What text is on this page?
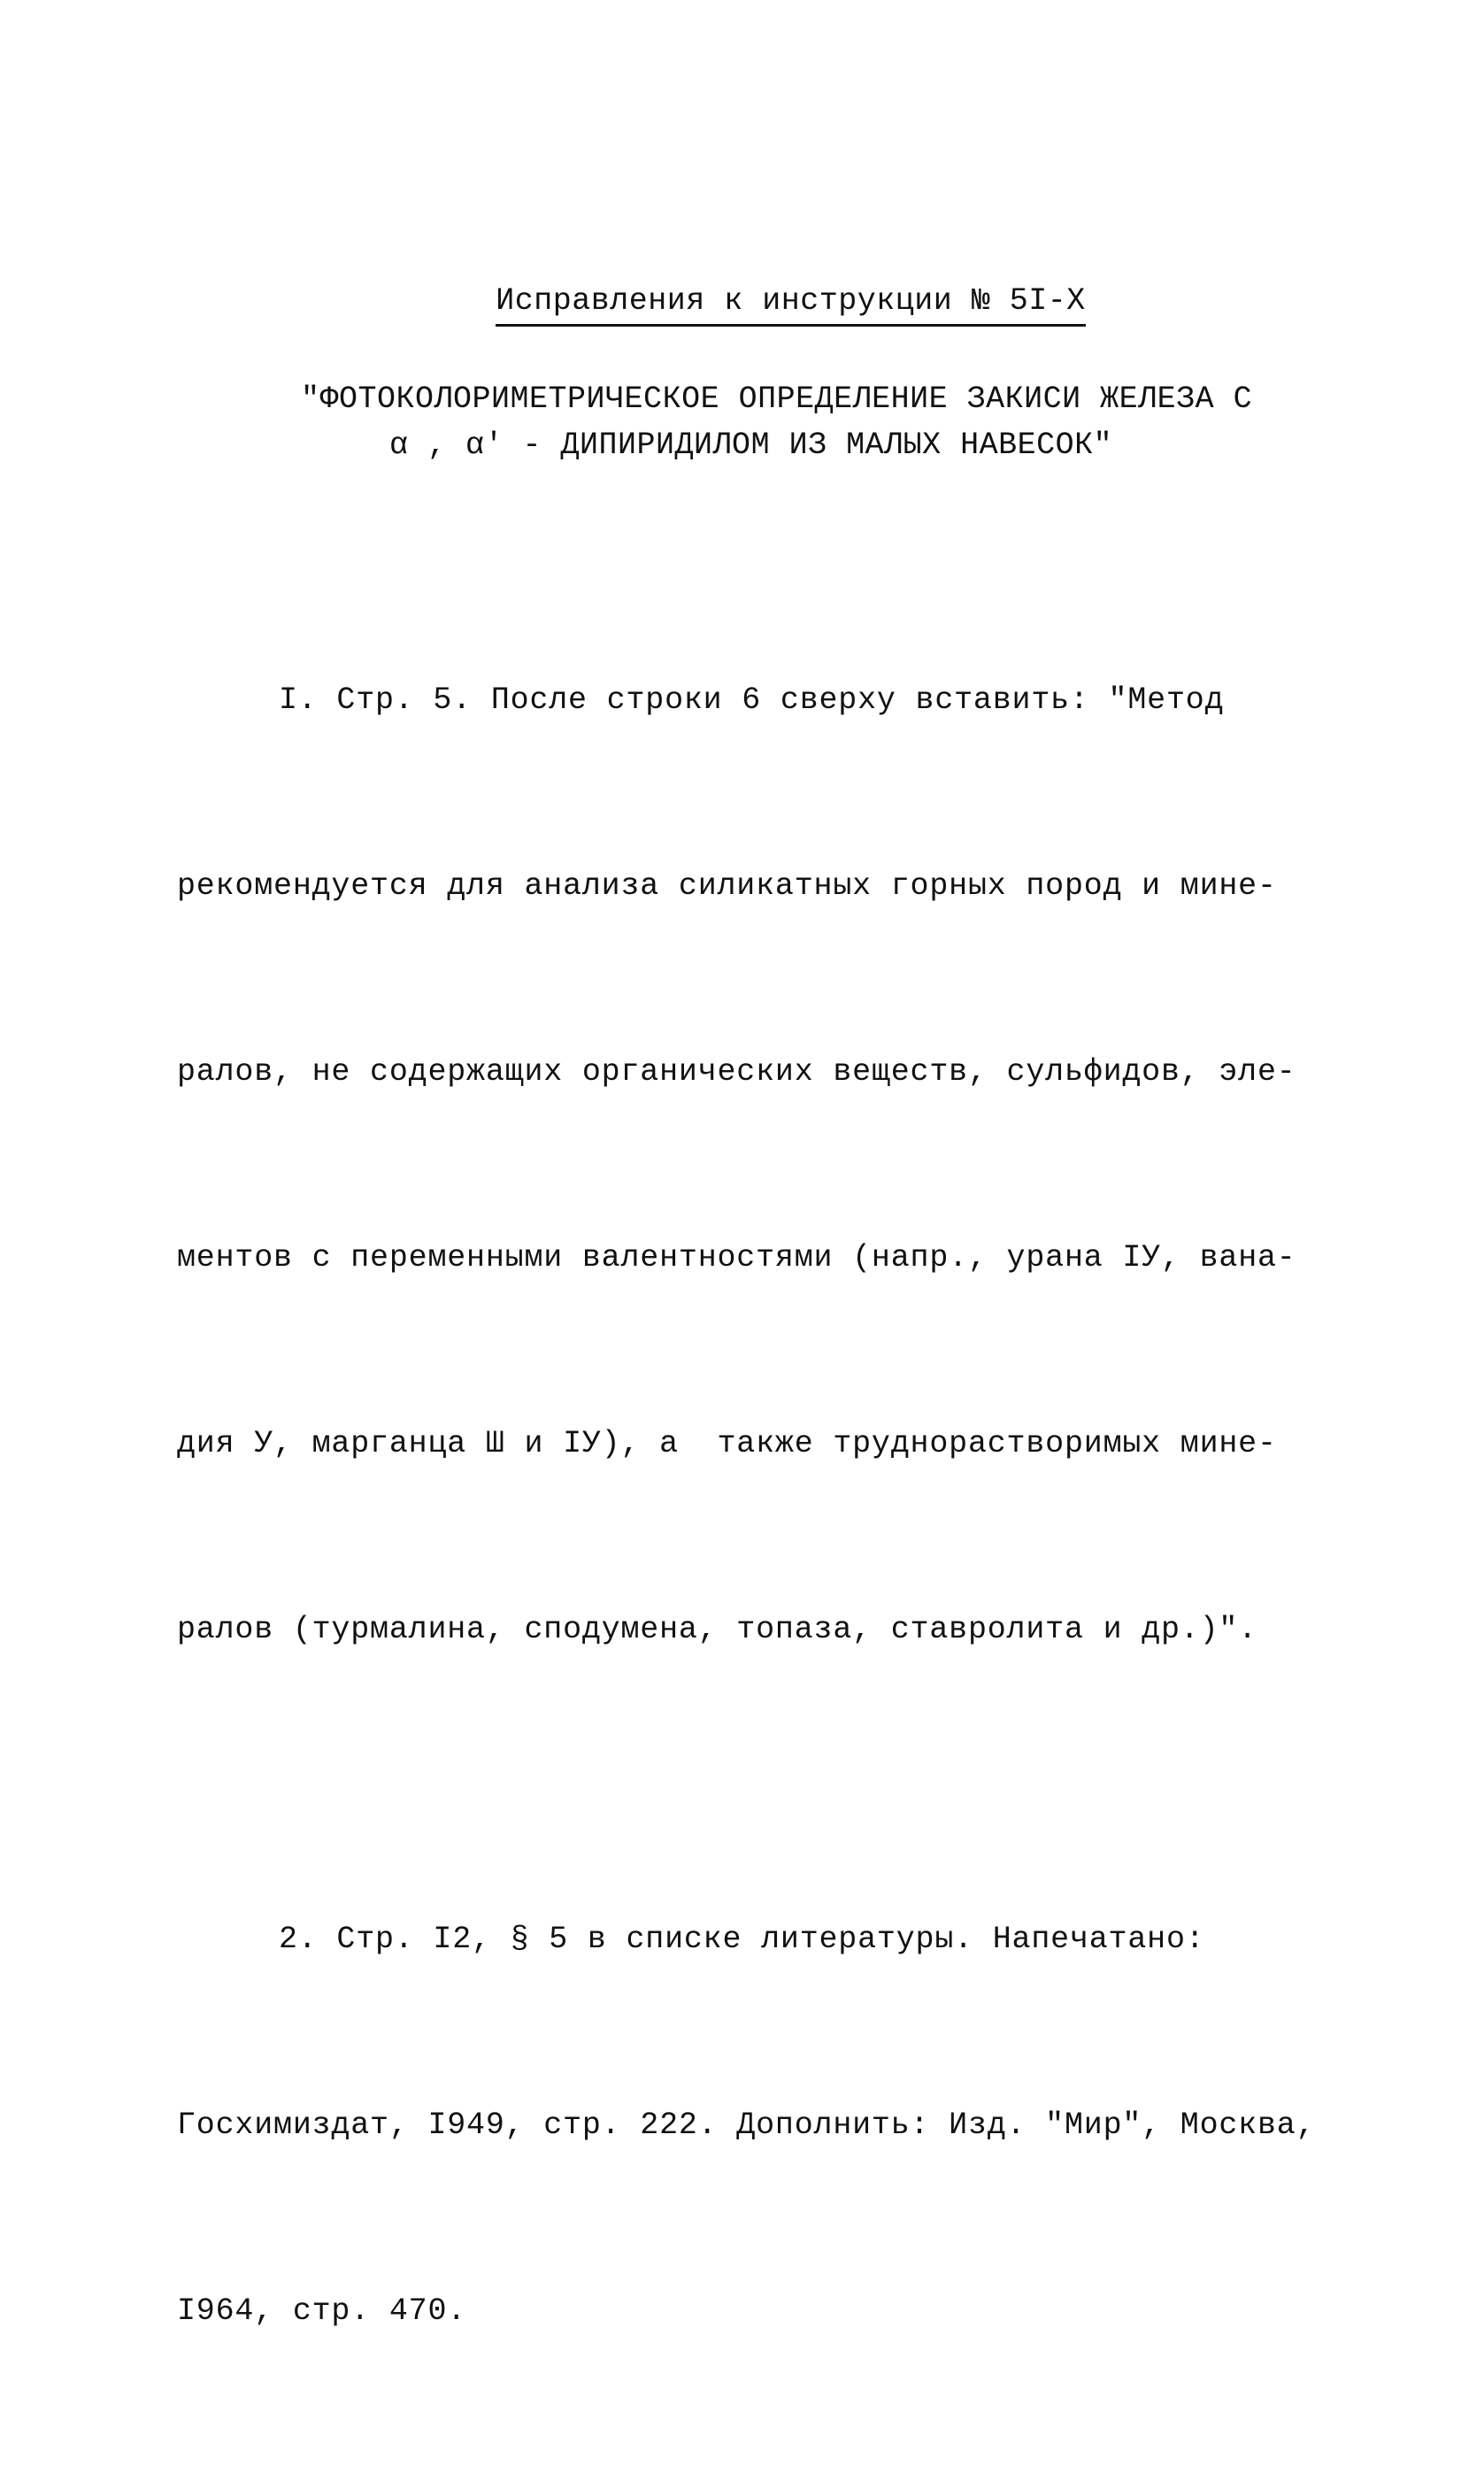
Исправления к инструкции № 5I-Х
"ФОТОКОЛОРИМЕТРИЧЕСКОЕ ОПРЕДЕЛЕНИЕ ЗАКИСИ ЖЕЛЕЗА С
α , α' - ДИПИРИДИЛОМ ИЗ МАЛЫХ НАВЕСОК"

I. Стр. 5. После строки 6 сверху вставить: "Метод

рекомендуется для анализа силикатных горных пород и мине-

ралов, не содержащих органических веществ, сульфидов, эле-

ментов с переменными валентностями (напр., урана IУ, вана-

дия У, марганца Ш и IУ), а  также труднорастворимых мине-

ралов (турмалина, сподумена, топаза, ставролита и др.)".

2. Стр. I2, § 5 в списке литературы. Напечатано:

Госхимиздат, I949, стр. 222. Дополнить: Изд. "Мир", Москва,

I964, стр. 470.
